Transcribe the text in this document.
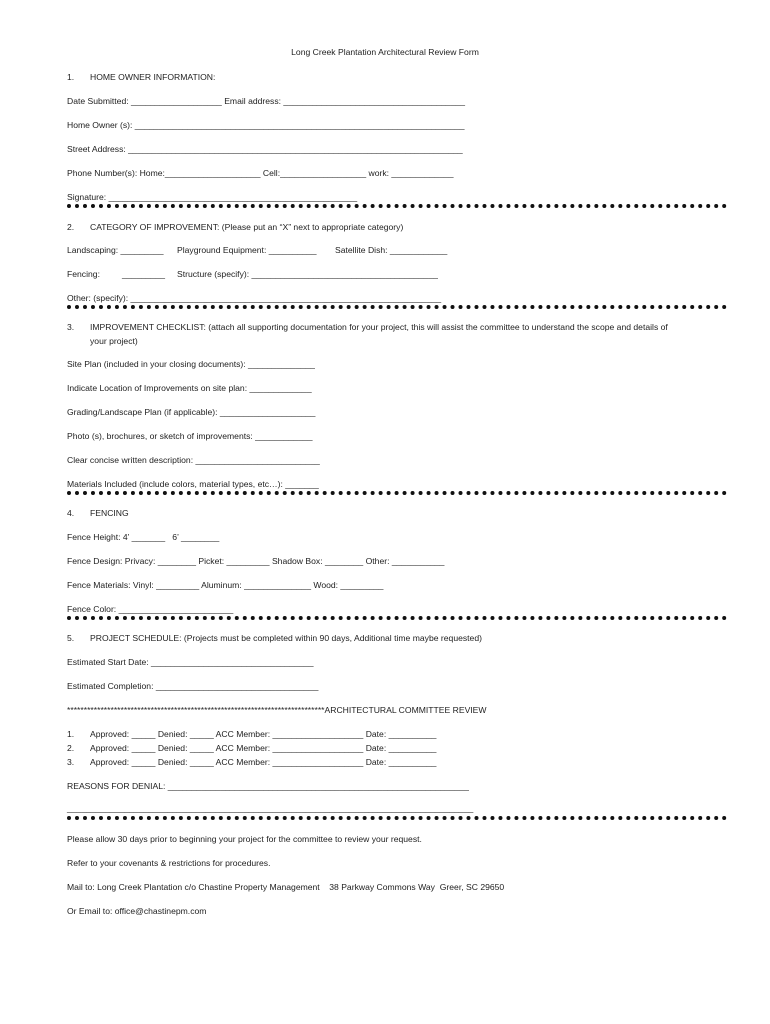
Long Creek Plantation Architectural Review Form
1.	HOME OWNER INFORMATION:
Date Submitted: ___________________ Email address: ______________________________________
Home Owner (s): _____________________________________________________________________
Street Address: ______________________________________________________________________
Phone Number(s): Home:____________________ Cell:__________________ work: _____________
Signature: ____________________________________________________
2.	CATEGORY OF IMPROVEMENT: (Please put an “X” next to appropriate category)
Landscaping: _________ Playground Equipment: __________ Satellite Dish: ____________
Fencing:	_________ Structure (specify): _______________________________________
Other: (specify): _________________________________________________________________
3.	IMPROVEMENT CHECKLIST: (attach all supporting documentation for your project, this will assist the committee to understand the scope and details of
your project)
Site Plan (included in your closing documents): ______________
Indicate Location of Improvements on site plan: _____________
Grading/Landscape Plan (if applicable): ____________________
Photo (s), brochures, or sketch of improvements: ____________
Clear concise written description: __________________________
Materials Included (include colors, material types, etc…): _______
4.	FENCING
Fence Height: 4’ _______   6’ ________
Fence Design: Privacy: ________ Picket: _________ Shadow Box: ________ Other: ___________
Fence Materials: Vinyl: _________ Aluminum: ______________ Wood: _________
Fence Color: ________________________
5.	PROJECT SCHEDULE: (Projects must be completed within 90 days, Additional time maybe requested)
Estimated Start Date: __________________________________
Estimated Completion: __________________________________
*****************************************************************************ARCHITECTURAL COMMITTEE REVIEW
1.	Approved: _____ Denied: _____ ACC Member: ___________________ Date: __________
2.	Approved: _____ Denied: _____ ACC Member: ___________________ Date: __________
3.	Approved: _____ Denied: _____ ACC Member: ___________________ Date: __________
REASONS FOR DENIAL: _______________________________________________________________
_____________________________________________________________________________________
Please allow 30 days prior to beginning your project for the committee to review your request.
Refer to your covenants & restrictions for procedures.
Mail to: Long Creek Plantation c/o Chastine Property Management    38 Parkway Commons Way  Greer, SC 29650
Or Email to: office@chastinepm.com
